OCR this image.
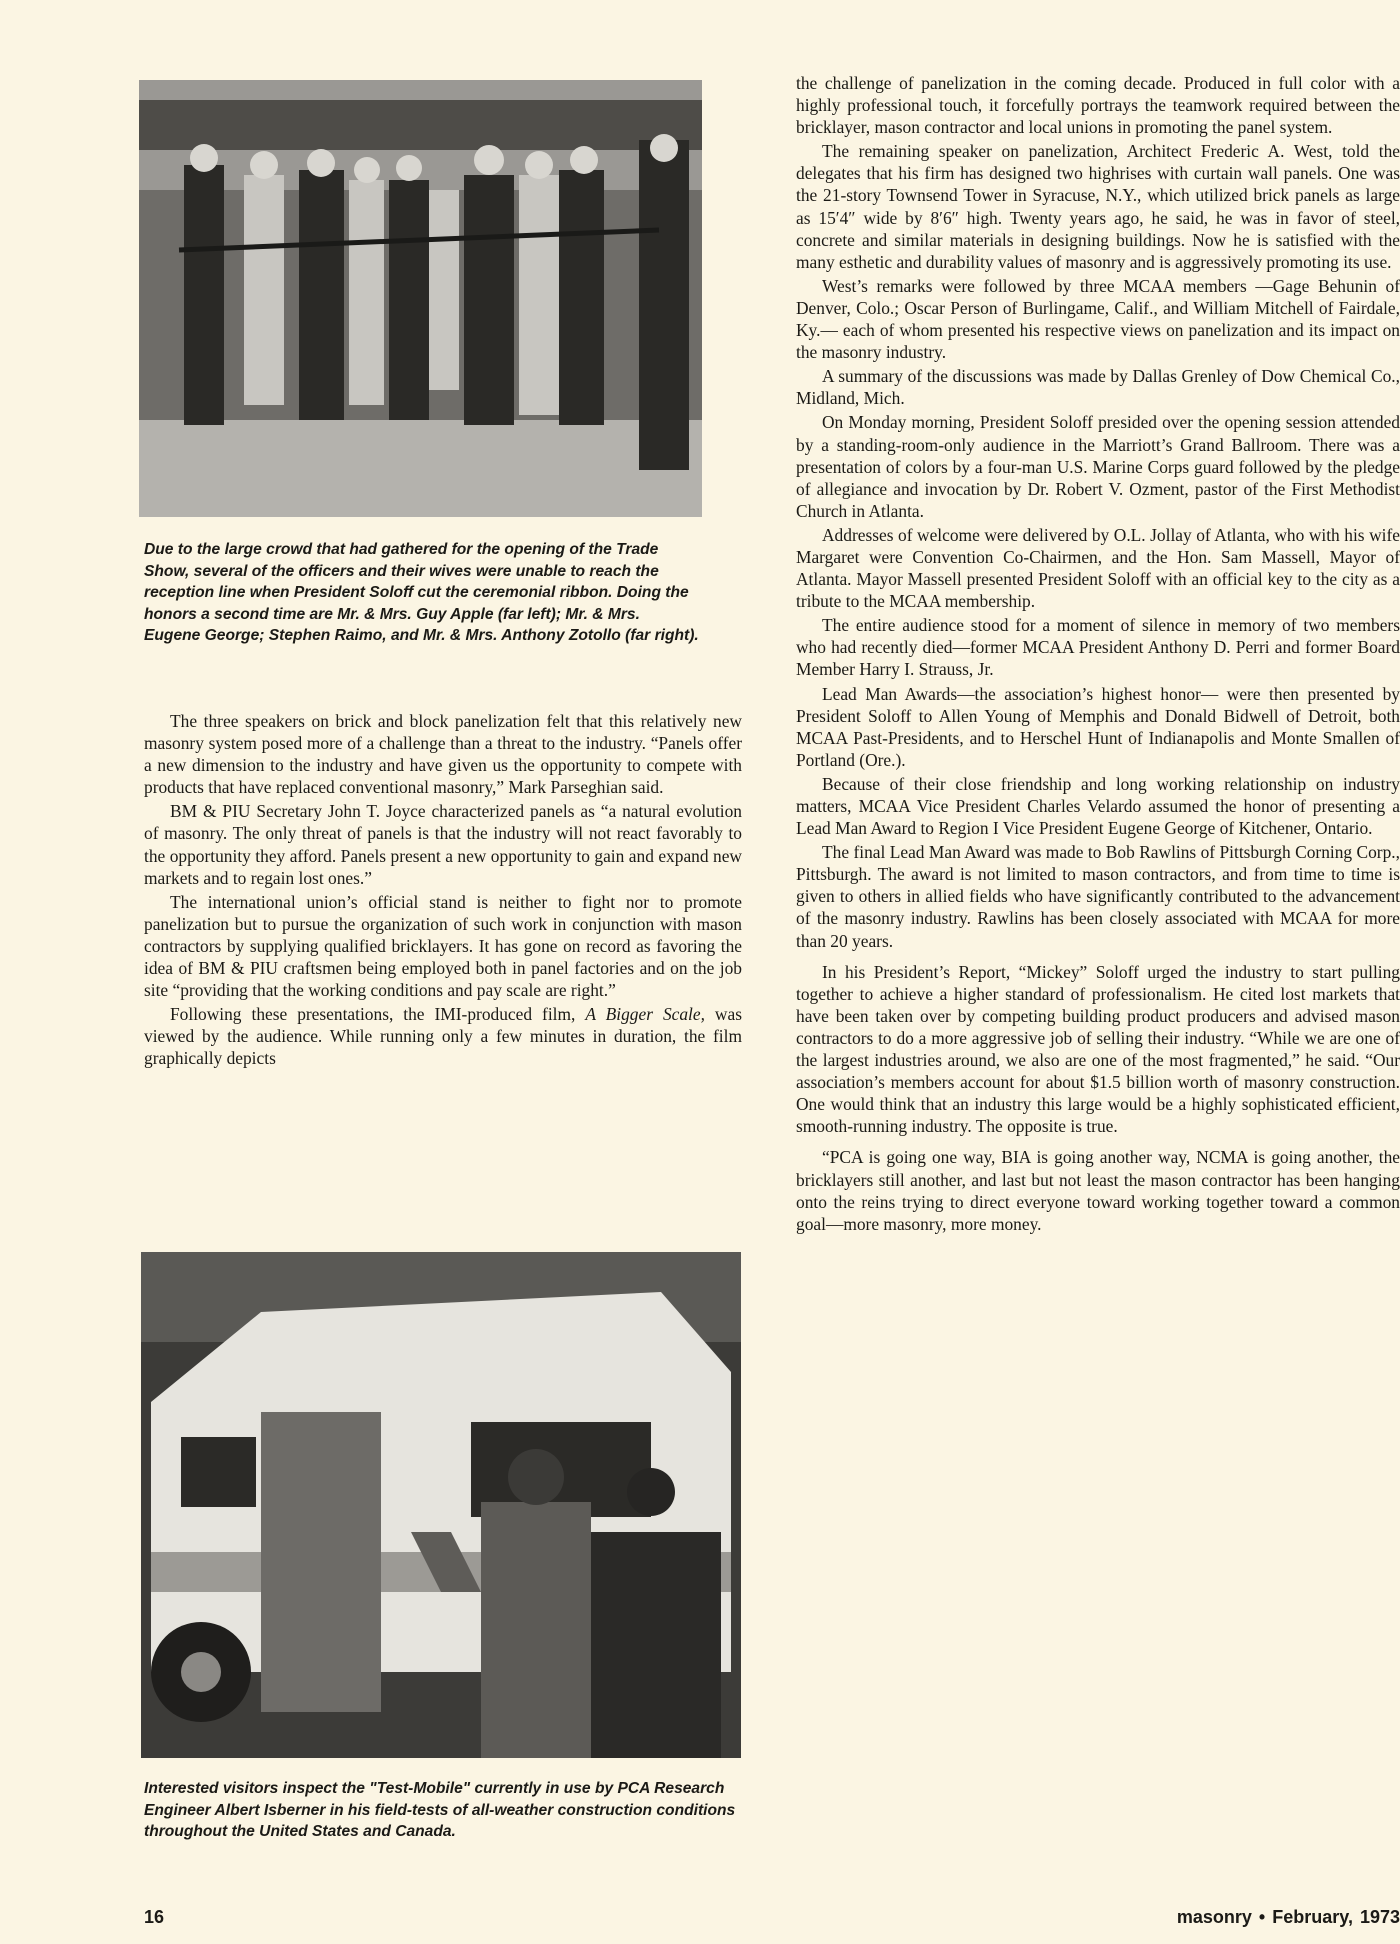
Due to the large crowd that had gathered for the opening of the Trade Show, several of the officers and their wives were unable to reach the reception line when President Soloff cut the ceremonial ribbon. Doing the honors a second time are Mr. & Mrs. Guy Apple (far left); Mr. & Mrs. Eugene George; Stephen Raimo, and Mr. & Mrs. Anthony Zotollo (far right).

The three speakers on brick and block panelization felt that this relatively new masonry system posed more of a challenge than a threat to the industry. “Panels offer a new dimension to the industry and have given us the opportunity to compete with products that have replaced conventional masonry,” Mark Parseghian said.

BM & PIU Secretary John T. Joyce characterized panels as “a natural evolution of masonry. The only threat of panels is that the industry will not react favorably to the opportunity they afford. Panels present a new opportunity to gain and expand new markets and to regain lost ones.”

The international union’s official stand is neither to fight nor to promote panelization but to pursue the organization of such work in conjunction with mason contractors by supplying qualified bricklayers. It has gone on record as favoring the idea of BM & PIU craftsmen being employed both in panel factories and on the job site “providing that the working conditions and pay scale are right.”

Following these presentations, the IMI-produced film, A Bigger Scale, was viewed by the audience. While running only a few minutes in duration, the film graphically depicts

Interested visitors inspect the "Test-Mobile" currently in use by PCA Research Engineer Albert Isberner in his field-tests of all-weather construction conditions throughout the United States and Canada.

the challenge of panelization in the coming decade. Produced in full color with a highly professional touch, it forcefully portrays the teamwork required between the bricklayer, mason contractor and local unions in promoting the panel system.

The remaining speaker on panelization, Architect Frederic A. West, told the delegates that his firm has designed two highrises with curtain wall panels. One was the 21-story Townsend Tower in Syracuse, N.Y., which utilized brick panels as large as 15′4″ wide by 8′6″ high. Twenty years ago, he said, he was in favor of steel, concrete and similar materials in designing buildings. Now he is satisfied with the many esthetic and durability values of masonry and is aggressively promoting its use.

West’s remarks were followed by three MCAA members —Gage Behunin of Denver, Colo.; Oscar Person of Burlingame, Calif., and William Mitchell of Fairdale, Ky.— each of whom presented his respective views on panelization and its impact on the masonry industry.

A summary of the discussions was made by Dallas Grenley of Dow Chemical Co., Midland, Mich.

On Monday morning, President Soloff presided over the opening session attended by a standing-room-only audience in the Marriott’s Grand Ballroom. There was a presentation of colors by a four-man U.S. Marine Corps guard followed by the pledge of allegiance and invocation by Dr. Robert V. Ozment, pastor of the First Methodist Church in Atlanta.

Addresses of welcome were delivered by O.L. Jollay of Atlanta, who with his wife Margaret were Convention Co-Chairmen, and the Hon. Sam Massell, Mayor of Atlanta. Mayor Massell presented President Soloff with an official key to the city as a tribute to the MCAA membership.

The entire audience stood for a moment of silence in memory of two members who had recently died—former MCAA President Anthony D. Perri and former Board Member Harry I. Strauss, Jr.

Lead Man Awards—the association’s highest honor— were then presented by President Soloff to Allen Young of Memphis and Donald Bidwell of Detroit, both MCAA Past-Presidents, and to Herschel Hunt of Indianapolis and Monte Smallen of Portland (Ore.).

Because of their close friendship and long working relationship on industry matters, MCAA Vice President Charles Velardo assumed the honor of presenting a Lead Man Award to Region I Vice President Eugene George of Kitchener, Ontario.

The final Lead Man Award was made to Bob Rawlins of Pittsburgh Corning Corp., Pittsburgh. The award is not limited to mason contractors, and from time to time is given to others in allied fields who have significantly contributed to the advancement of the masonry industry. Rawlins has been closely associated with MCAA for more than 20 years.

In his President’s Report, “Mickey” Soloff urged the industry to start pulling together to achieve a higher standard of professionalism. He cited lost markets that have been taken over by competing building product producers and advised mason contractors to do a more aggressive job of selling their industry. “While we are one of the largest industries around, we also are one of the most fragmented,” he said. “Our association’s members account for about $1.5 billion worth of masonry construction. One would think that an industry this large would be a highly sophisticated efficient, smooth-running industry. The opposite is true.

“PCA is going one way, BIA is going another way, NCMA is going another, the bricklayers still another, and last but not least the mason contractor has been hanging onto the reins trying to direct everyone toward working together toward a common goal—more masonry, more money.

16	masonry • February, 1973
